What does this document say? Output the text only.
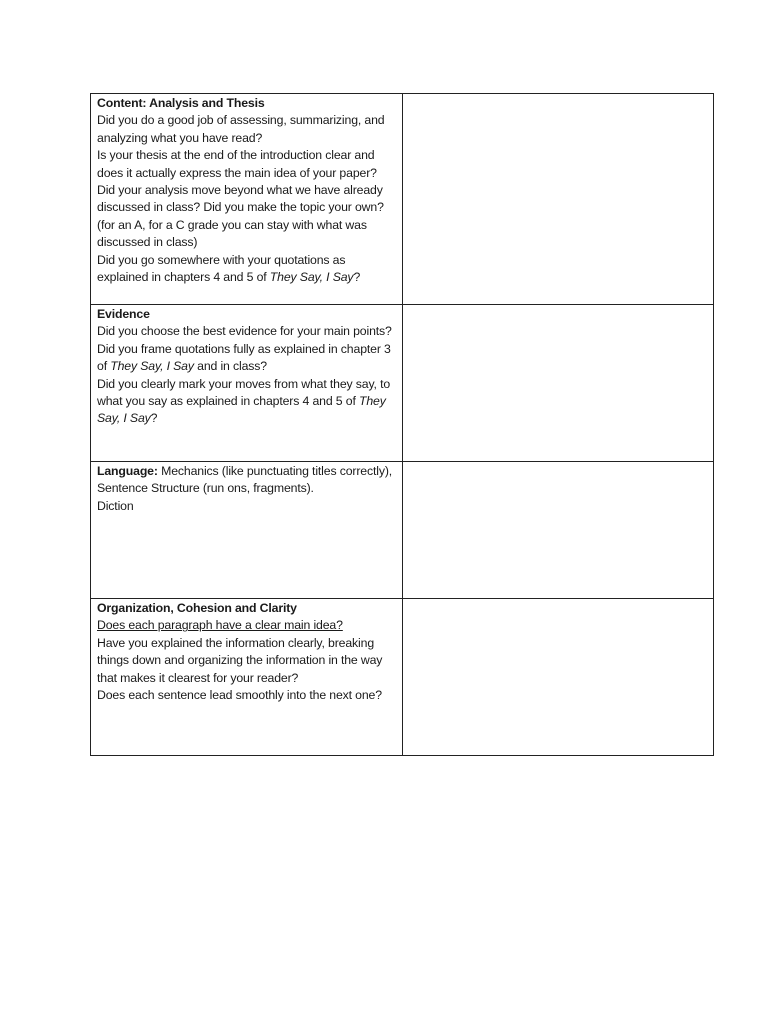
Content: Analysis and Thesis
Did you do a good job of assessing, summarizing, and analyzing what you have read?
Is your thesis at the end of the introduction clear and does it actually express the main idea of your paper?
Did your analysis move beyond what we have already discussed in class? Did you make the topic your own? (for an A, for a C grade you can stay with what was discussed in class)
Did you go somewhere with your quotations as explained in chapters 4 and 5 of They Say, I Say?	

Evidence
Did you choose the best evidence for your main points?
Did you frame quotations fully as explained in chapter 3 of They Say, I Say and in class?
Did you clearly mark your moves from what they say, to what you say as explained in chapters 4 and 5 of They Say, I Say?	

Language: Mechanics (like punctuating titles correctly), Sentence Structure (run ons, fragments).
Diction	

Organization, Cohesion and Clarity
Does each paragraph have a clear main idea?
Have you explained the information clearly, breaking things down and organizing the information in the way that makes it clearest for your reader?
Does each sentence lead smoothly into the next one?	
